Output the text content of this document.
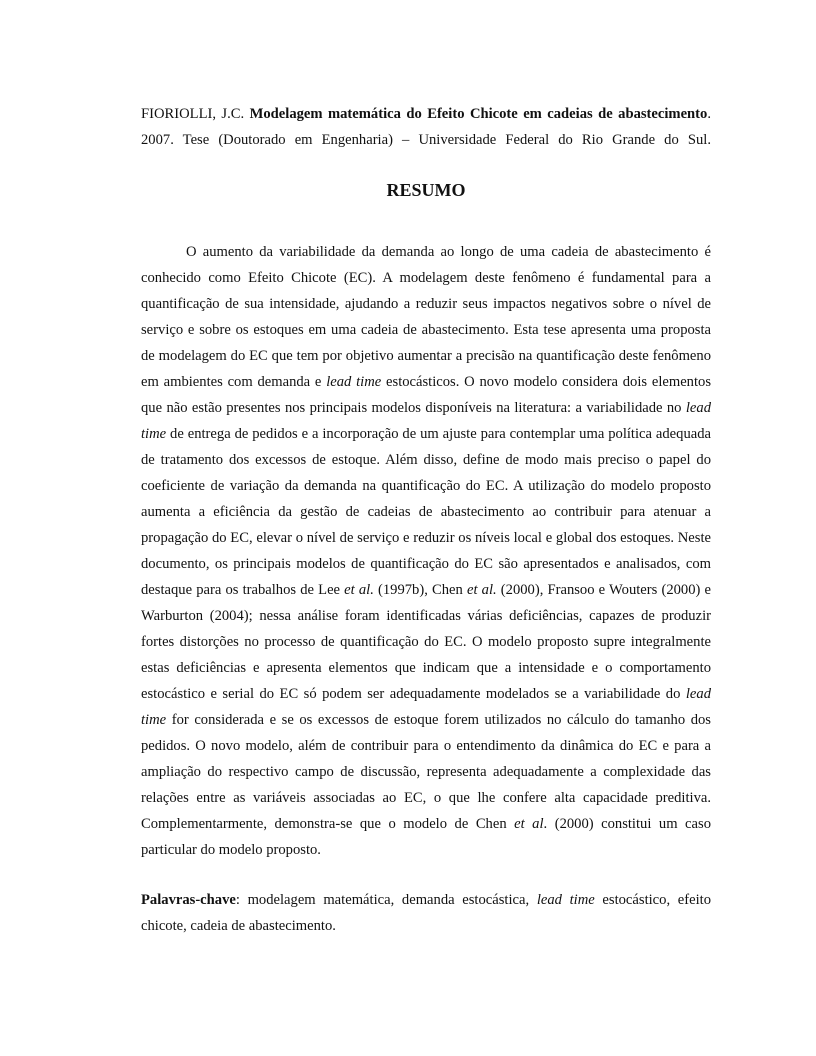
FIORIOLLI, J.C. Modelagem matemática do Efeito Chicote em cadeias de abastecimento. 2007. Tese (Doutorado em Engenharia) – Universidade Federal do Rio Grande do Sul.

RESUMO

O aumento da variabilidade da demanda ao longo de uma cadeia de abastecimento é conhecido como Efeito Chicote (EC). A modelagem deste fenômeno é fundamental para a quantificação de sua intensidade, ajudando a reduzir seus impactos negativos sobre o nível de serviço e sobre os estoques em uma cadeia de abastecimento. Esta tese apresenta uma proposta de modelagem do EC que tem por objetivo aumentar a precisão na quantificação deste fenômeno em ambientes com demanda e lead time estocásticos. O novo modelo considera dois elementos que não estão presentes nos principais modelos disponíveis na literatura: a variabilidade no lead time de entrega de pedidos e a incorporação de um ajuste para contemplar uma política adequada de tratamento dos excessos de estoque. Além disso, define de modo mais preciso o papel do coeficiente de variação da demanda na quantificação do EC. A utilização do modelo proposto aumenta a eficiência da gestão de cadeias de abastecimento ao contribuir para atenuar a propagação do EC, elevar o nível de serviço e reduzir os níveis local e global dos estoques. Neste documento, os principais modelos de quantificação do EC são apresentados e analisados, com destaque para os trabalhos de Lee et al. (1997b), Chen et al. (2000), Fransoo e Wouters (2000) e Warburton (2004); nessa análise foram identificadas várias deficiências, capazes de produzir fortes distorções no processo de quantificação do EC. O modelo proposto supre integralmente estas deficiências e apresenta elementos que indicam que a intensidade e o comportamento estocástico e serial do EC só podem ser adequadamente modelados se a variabilidade do lead time for considerada e se os excessos de estoque forem utilizados no cálculo do tamanho dos pedidos. O novo modelo, além de contribuir para o entendimento da dinâmica do EC e para a ampliação do respectivo campo de discussão, representa adequadamente a complexidade das relações entre as variáveis associadas ao EC, o que lhe confere alta capacidade preditiva. Complementarmente, demonstra-se que o modelo de Chen et al. (2000) constitui um caso particular do modelo proposto.

Palavras-chave: modelagem matemática, demanda estocástica, lead time estocástico, efeito chicote, cadeia de abastecimento.
